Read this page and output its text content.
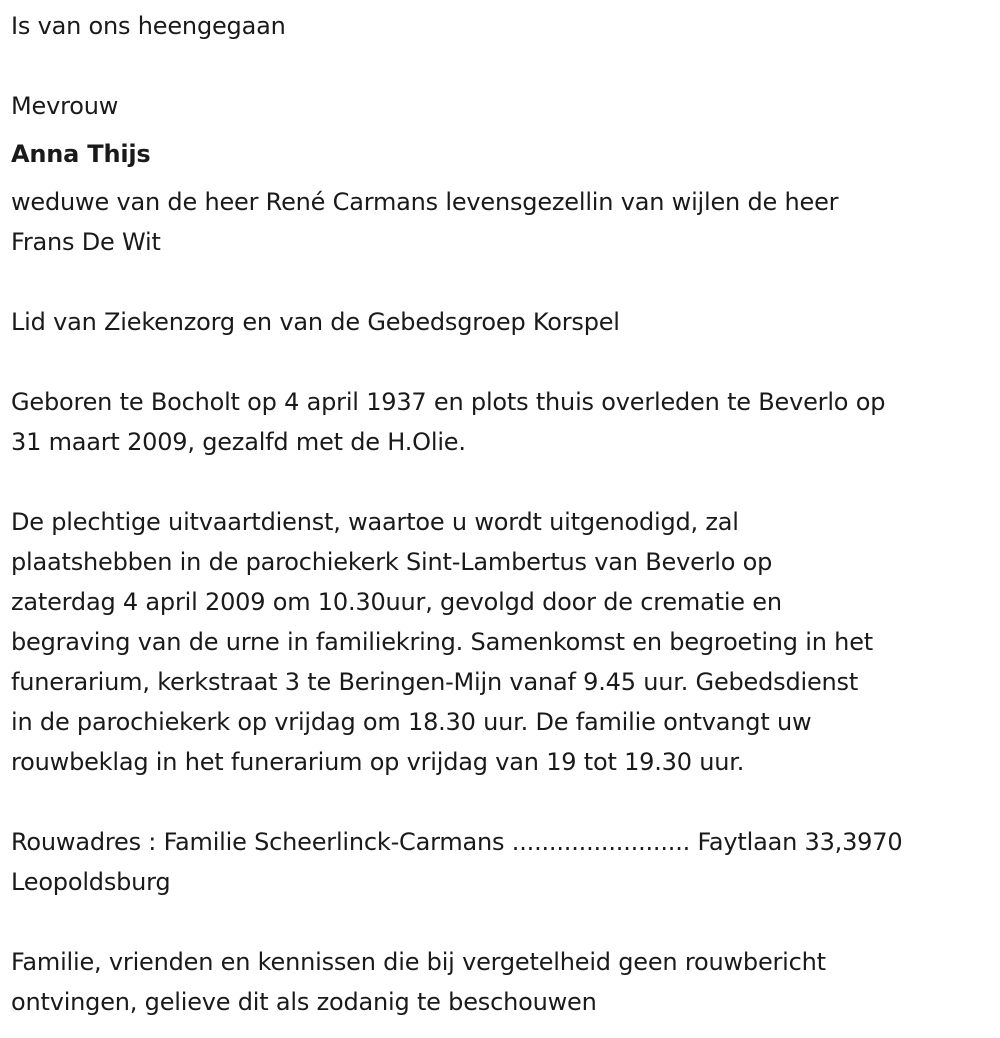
Is van ons heengegaan
Mevrouw
Anna Thijs
weduwe van de heer René Carmans levensgezellin van wijlen de heer
Frans De Wit
Lid van Ziekenzorg en van de Gebedsgroep Korspel
Geboren te Bocholt op 4 april 1937 en plots thuis overleden te Beverlo op
31 maart 2009, gezalfd met de H.Olie.
De plechtige uitvaartdienst, waartoe u wordt uitgenodigd, zal
plaatshebben in de parochiekerk Sint-Lambertus van Beverlo op
zaterdag 4 april 2009 om 10.30uur, gevolgd door de crematie en
begraving van de urne in familiekring. Samenkomst en begroeting in het
funerarium, kerkstraat 3 te Beringen-Mijn vanaf 9.45 uur. Gebedsdienst
in de parochiekerk op vrijdag om 18.30 uur. De familie ontvangt uw
rouwbeklag in het funerarium op vrijdag van 19 tot 19.30 uur.
Rouwadres : Familie Scheerlinck-Carmans ........................ Faytlaan 33,3970
Leopoldsburg
Familie, vrienden en kennissen die bij vergetelheid geen rouwbericht
ontvingen, gelieve dit als zodanig te beschouwen
